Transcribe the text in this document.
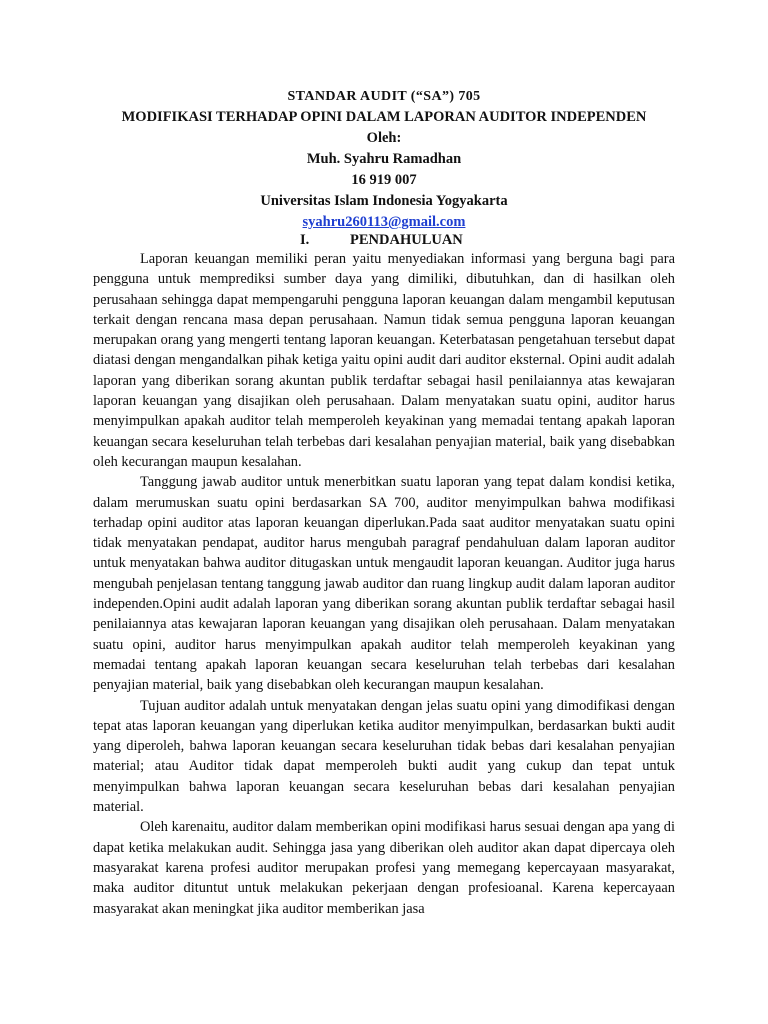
STANDAR AUDIT (“SA”) 705
MODIFIKASI TERHADAP OPINI DALAM LAPORAN AUDITOR INDEPENDEN
Oleh:
Muh. Syahru Ramadhan
16 919 007
Universitas Islam Indonesia Yogyakarta
syahru260113@gmail.com
I.	PENDAHULUAN

Laporan keuangan memiliki peran yaitu menyediakan informasi yang berguna bagi para pengguna untuk memprediksi sumber daya yang dimiliki, dibutuhkan, dan di hasilkan oleh perusahaan sehingga dapat mempengaruhi pengguna laporan keuangan dalam mengambil keputusan terkait dengan rencana masa depan perusahaan. Namun tidak semua pengguna laporan keuangan merupakan orang yang mengerti tentang laporan keuangan. Keterbatasan pengetahuan tersebut dapat diatasi dengan mengandalkan pihak ketiga yaitu opini audit dari auditor eksternal. Opini audit adalah laporan yang diberikan sorang akuntan publik terdaftar sebagai hasil penilaiannya atas kewajaran laporan keuangan yang disajikan oleh perusahaan. Dalam menyatakan suatu opini, auditor harus menyimpulkan apakah auditor telah memperoleh keyakinan yang memadai tentang apakah laporan keuangan secara keseluruhan telah terbebas dari kesalahan penyajian material, baik yang disebabkan oleh kecurangan maupun kesalahan.

Tanggung jawab auditor untuk menerbitkan suatu laporan yang tepat dalam kondisi ketika, dalam merumuskan suatu opini berdasarkan SA 700, auditor menyimpulkan bahwa modifikasi terhadap opini auditor atas laporan keuangan diperlukan.Pada saat auditor menyatakan suatu opini tidak menyatakan pendapat, auditor harus mengubah paragraf pendahuluan dalam laporan auditor untuk menyatakan bahwa auditor ditugaskan untuk mengaudit laporan keuangan. Auditor juga harus mengubah penjelasan tentang tanggung jawab auditor dan ruang lingkup audit dalam laporan auditor independen.Opini audit adalah laporan yang diberikan sorang akuntan publik terdaftar sebagai hasil penilaiannya atas kewajaran laporan keuangan yang disajikan oleh perusahaan. Dalam menyatakan suatu opini, auditor harus menyimpulkan apakah auditor telah memperoleh keyakinan yang memadai tentang apakah laporan keuangan secara keseluruhan telah terbebas dari kesalahan penyajian material, baik yang disebabkan oleh kecurangan maupun kesalahan.

Tujuan auditor adalah untuk menyatakan dengan jelas suatu opini yang dimodifikasi dengan tepat atas laporan keuangan yang diperlukan ketika auditor menyimpulkan, berdasarkan bukti audit yang diperoleh, bahwa laporan keuangan secara keseluruhan tidak bebas dari kesalahan penyajian material; atau Auditor tidak dapat memperoleh bukti audit yang cukup dan tepat untuk menyimpulkan bahwa laporan keuangan secara keseluruhan bebas dari kesalahan penyajian material.

Oleh karenaitu, auditor dalam memberikan opini modifikasi harus sesuai dengan apa yang di dapat ketika melakukan audit. Sehingga jasa yang diberikan oleh auditor akan dapat dipercaya oleh masyarakat karena profesi auditor merupakan profesi yang memegang kepercayaan masyarakat, maka auditor dituntut untuk melakukan pekerjaan dengan profesioanal. Karena kepercayaan masyarakat akan meningkat jika auditor memberikan jasa
